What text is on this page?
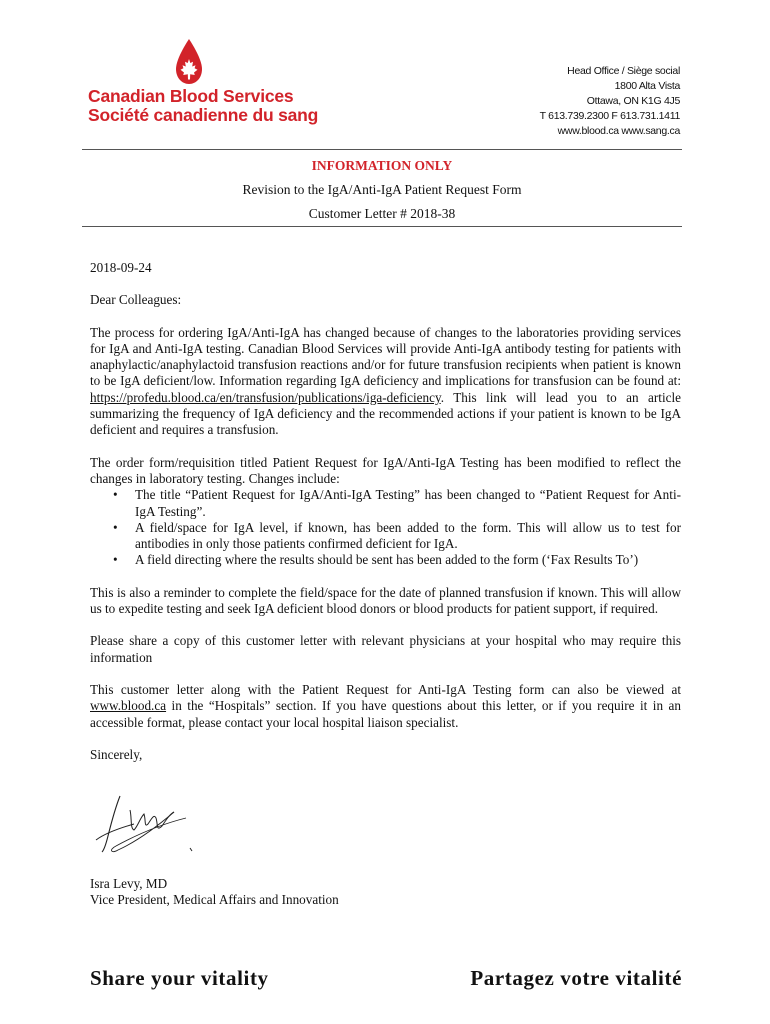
Canadian Blood Services
Société canadienne du sang
Head Office / Siège social
1800 Alta Vista
Ottawa, ON K1G 4J5
T 613.739.2300 F 613.731.1411
www.blood.ca www.sang.ca
INFORMATION ONLY
Revision to the IgA/Anti-IgA Patient Request Form
Customer Letter # 2018-38

2018-09-24

Dear Colleagues:

The process for ordering IgA/Anti-IgA has changed because of changes to the laboratories providing services for IgA and Anti-IgA testing. Canadian Blood Services will provide Anti-IgA antibody testing for patients with anaphylactic/anaphylactoid transfusion reactions and/or for future transfusion recipients when patient is known to be IgA deficient/low. Information regarding IgA deficiency and implications for transfusion can be found at: https://profedu.blood.ca/en/transfusion/publications/iga-deficiency. This link will lead you to an article summarizing the frequency of IgA deficiency and the recommended actions if your patient is known to be IgA deficient and requires a transfusion.

The order form/requisition titled Patient Request for IgA/Anti-IgA Testing has been modified to reflect the changes in laboratory testing. Changes include:

• The title “Patient Request for IgA/Anti-IgA Testing” has been changed to “Patient Request for Anti-IgA Testing”.
• A field/space for IgA level, if known, has been added to the form. This will allow us to test for antibodies in only those patients confirmed deficient for IgA.
• A field directing where the results should be sent has been added to the form (‘Fax Results To’)

This is also a reminder to complete the field/space for the date of planned transfusion if known. This will allow us to expedite testing and seek IgA deficient blood donors or blood products for patient support, if required.

Please share a copy of this customer letter with relevant physicians at your hospital who may require this information

This customer letter along with the Patient Request for Anti-IgA Testing form can also be viewed at www.blood.ca in the “Hospitals” section. If you have questions about this letter, or if you require it in an accessible format, please contact your local hospital liaison specialist.

Sincerely,

Isra Levy, MD
Vice President, Medical Affairs and Innovation
Share your vitality	Partagez votre vitalité
